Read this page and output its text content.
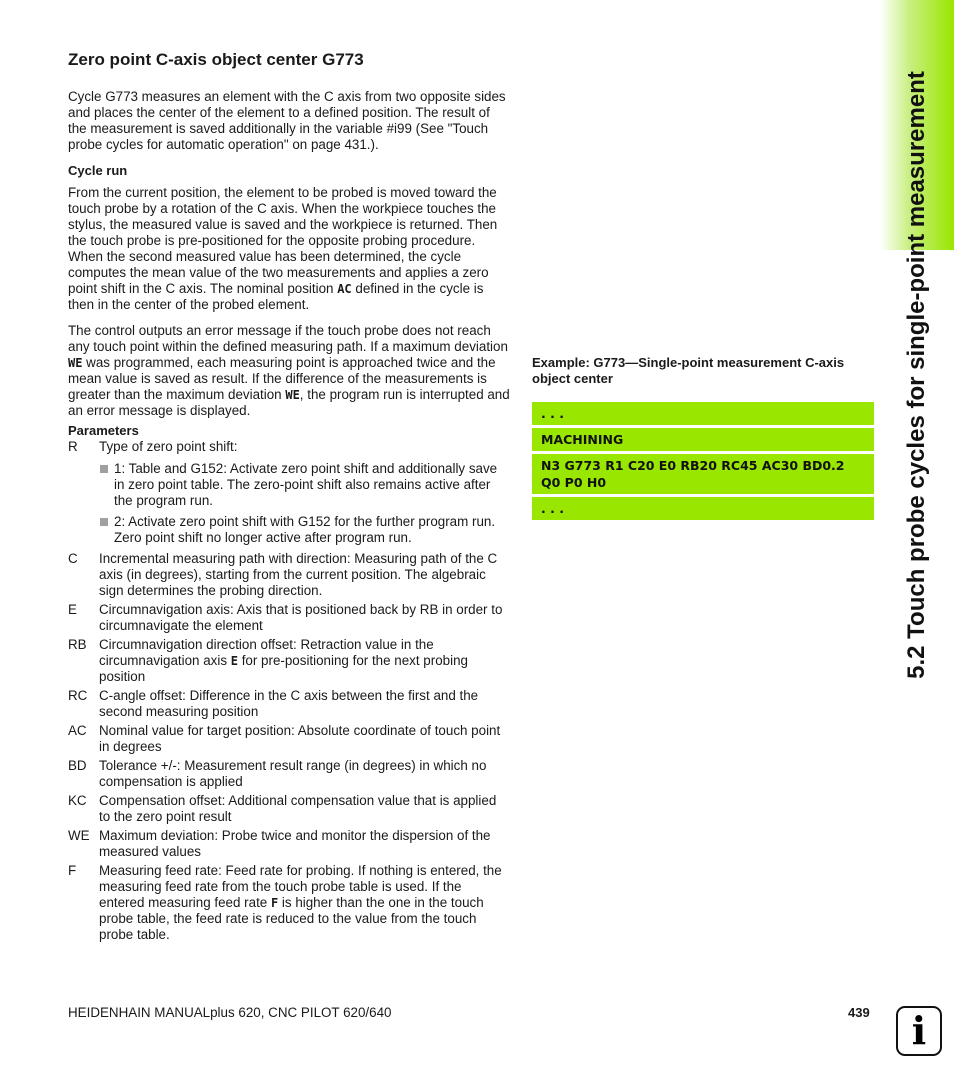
5.2 Touch probe cycles for single-point measurement
Zero point C-axis object center G773

Cycle G773 measures an element with the C axis from two opposite sides and places the center of the element to a defined position. The result of the measurement is saved additionally in the variable #i99 (See "Touch probe cycles for automatic operation" on page 431.).

Cycle run

From the current position, the element to be probed is moved toward the touch probe by a rotation of the C axis. When the workpiece touches the stylus, the measured value is saved and the workpiece is returned. Then the touch probe is pre-positioned for the opposite probing procedure. When the second measured value has been determined, the cycle computes the mean value of the two measurements and applies a zero point shift in the C axis. The nominal position AC defined in the cycle is then in the center of the probed element.

The control outputs an error message if the touch probe does not reach any touch point within the defined measuring path. If a maximum deviation WE was programmed, each measuring point is approached twice and the mean value is saved as result. If the difference of the measurements is greater than the maximum deviation WE, the program run is interrupted and an error message is displayed.

Parameters
R	Type of zero point shift:
1: Table and G152: Activate zero point shift and additionally save in zero point table. The zero-point shift also remains active after the program run.
2: Activate zero point shift with G152 for the further program run. Zero point shift no longer active after program run.
C	Incremental measuring path with direction: Measuring path of the C axis (in degrees), starting from the current position. The algebraic sign determines the probing direction.
E	Circumnavigation axis: Axis that is positioned back by RB in order to circumnavigate the element
RB Circumnavigation direction offset: Retraction value in the circumnavigation axis E for pre-positioning for the next probing position
RC C-angle offset: Difference in the C axis between the first and the second measuring position
AC Nominal value for target position: Absolute coordinate of touch point in degrees
BD Tolerance +/-: Measurement result range (in degrees) in which no compensation is applied
KC Compensation offset: Additional compensation value that is applied to the zero point result
WE Maximum deviation: Probe twice and monitor the dispersion of the measured values
F	Measuring feed rate: Feed rate for probing. If nothing is entered, the measuring feed rate from the touch probe table is used. If the entered measuring feed rate F is higher than the one in the touch probe table, the feed rate is reduced to the value from the touch probe table.
Example: G773—Single-point measurement C-axis object center
. . .
MACHINING
N3 G773 R1 C20 E0 RB20 RC45 AC30 BD0.2 Q0 P0 H0
. . .
HEIDENHAIN MANUALplus 620, CNC PILOT 620/640	439	i
